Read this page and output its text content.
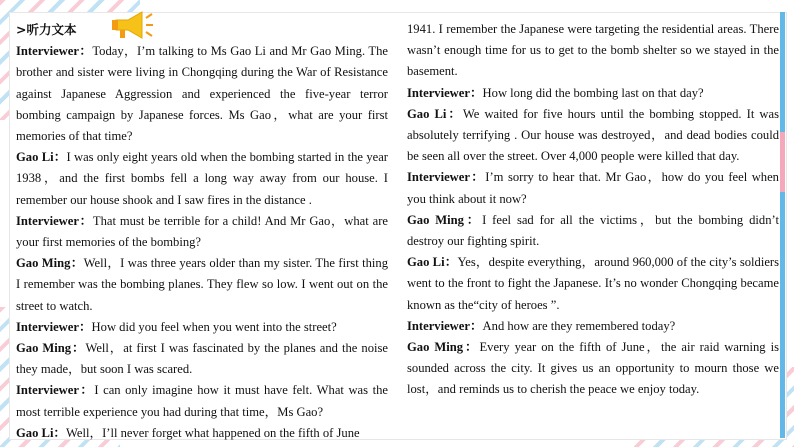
>听力文本

Interviewer：Today，I’m talking to Ms Gao Li and Mr Gao Ming. The brother and sister were living in Chongqing during the War of Resistance against Japanese Aggression and experienced the five-year terror bombing campaign by Japanese forces. Ms Gao，what are your first memories of that time?

Gao Li：I was only eight years old when the bombing started in the year 1938，and the first bombs fell a long way away from our house. I remember our house shook and I saw fires in the distance .

Interviewer：That must be terrible for a child! And Mr Gao，what are your first memories of the bombing?

Gao Ming：Well，I was three years older than my sister. The first thing I remember was the bombing planes. They flew so low. I went out on the street to watch.

Interviewer：How did you feel when you went into the street?

Gao Ming：Well，at first I was fascinated by the planes and the noise they made，but soon I was scared.

Interviewer：I can only imagine how it must have felt. What was the most terrible experience you had during that time，Ms Gao?

Gao Li：Well，I’ll never forget what happened on the fifth of June

1941. I remember the Japanese were targeting the residential areas. There wasn’t enough time for us to get to the bomb shelter so we stayed in the basement.

Interviewer：How long did the bombing last on that day?

Gao Li：We waited for five hours until the bombing stopped. It was absolutely terrifying . Our house was destroyed，and dead bodies could be seen all over the street. Over 4,000 people were killed that day.

Interviewer：I’m sorry to hear that. Mr Gao，how do you feel when you think about it now?

Gao Ming：I feel sad for all the victims，but the bombing didn’t destroy our fighting spirit.

Gao Li：Yes，despite everything，around 960,000 of the city’s soldiers went to the front to fight the Japanese. It’s no wonder Chongqing became known as the“city of heroes ”.

Interviewer：And how are they remembered today?

Gao Ming：Every year on the fifth of June，the air raid warning is sounded across the city. It gives us an opportunity to mourn those we lost，and reminds us to cherish the peace we enjoy today.
